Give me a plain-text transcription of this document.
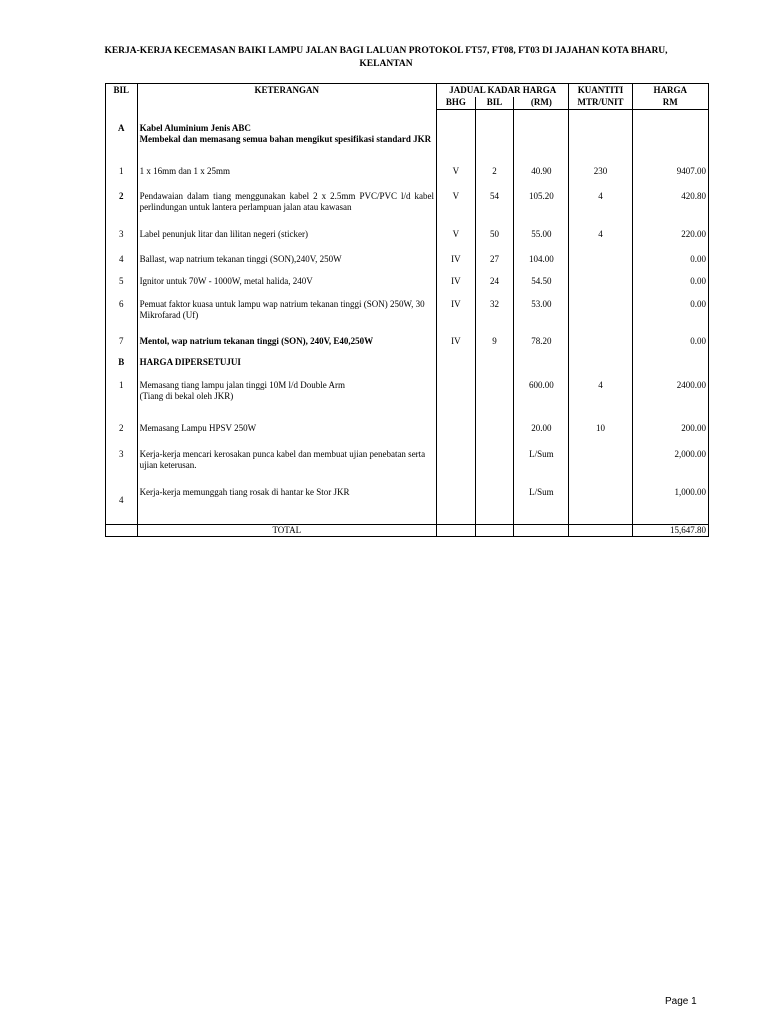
KERJA-KERJA KECEMASAN BAIKI LAMPU JALAN BAGI LALUAN PROTOKOL FT57, FT08, FT03 DI JAJAHAN KOTA BHARU, KELANTAN
BIL	KETERANGAN	JADUAL KADAR HARGA			KUANTITI	HARGA
		BHG	BIL	(RM)	MTR/UNIT	RM
A	Kabel Aluminium Jenis ABC
Membekal dan memasang semua bahan mengikut spesifikasi standard JKR					

1	1 x 16mm dan 1 x 25mm	V	2	40.90	230	9407.00
2	Pendawaian dalam tiang menggunakan kabel 2 x 2.5mm PVC/PVC l/d kabel perlindungan untuk lantera perlampuan jalan atau kawasan	V	54	105.20	4	420.80
3	Label penunjuk litar dan lilitan negeri (sticker)	V	50	55.00	4	220.00
4	Ballast, wap natrium tekanan tinggi (SON),240V, 250W	IV	27	104.00		0.00
5	Ignitor untuk 70W - 1000W, metal halida, 240V	IV	24	54.50		0.00
6	Pemuat faktor kuasa untuk lampu wap natrium tekanan tinggi (SON) 250W, 30 Mikrofarad (Uf)	IV	32	53.00		0.00
7	Mentol, wap natrium tekanan tinggi (SON), 240V, E40,250W	IV	9	78.20		0.00
B	HARGA DIPERSETUJUI					
1	Memasang tiang lampu jalan tinggi 10M l/d Double Arm
(Tiang di bekal oleh JKR)			600.00	4	2400.00
2	Memasang Lampu HPSV 250W			20.00	10	200.00
3	Kerja-kerja mencari kerosakan punca kabel dan membuat ujian penebatan serta ujian keterusan.			L/Sum		2,000.00
4	Kerja-kerja memunggah tiang rosak di hantar ke Stor JKR			L/Sum		1,000.00
	TOTAL					15,647.80
Page 1
